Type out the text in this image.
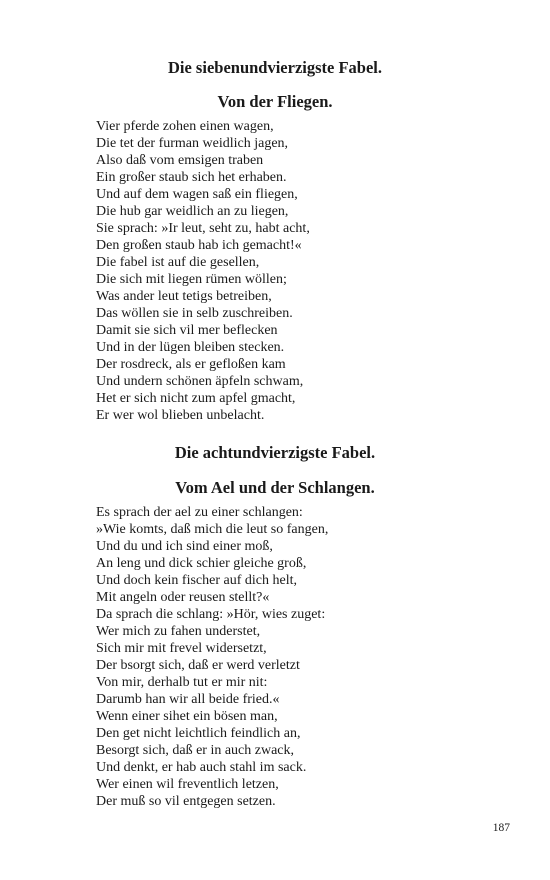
Die siebenundvierzigste Fabel.
Von der Fliegen.
Vier pferde zohen einen wagen,
Die tet der furman weidlich jagen,
Also daß vom emsigen traben
Ein großer staub sich het erhaben.
Und auf dem wagen saß ein fliegen,
Die hub gar weidlich an zu liegen,
Sie sprach: »Ir leut, seht zu, habt acht,
Den großen staub hab ich gemacht!«
Die fabel ist auf die gesellen,
Die sich mit liegen rümen wöllen;
Was ander leut tetigs betreiben,
Das wöllen sie in selb zuschreiben.
Damit sie sich vil mer beflecken
Und in der lügen bleiben stecken.
Der rosdreck, als er gefloßen kam
Und undern schönen äpfeln schwam,
Het er sich nicht zum apfel gmacht,
Er wer wol blieben unbelacht.
Die achtundvierzigste Fabel.
Vom Ael und der Schlangen.
Es sprach der ael zu einer schlangen:
»Wie komts, daß mich die leut so fangen,
Und du und ich sind einer moß,
An leng und dick schier gleiche groß,
Und doch kein fischer auf dich helt,
Mit angeln oder reusen stellt?«
Da sprach die schlang: »Hör, wies zuget:
Wer mich zu fahen understet,
Sich mir mit frevel widersetzt,
Der bsorgt sich, daß er werd verletzt
Von mir, derhalb tut er mir nit:
Darumb han wir all beide fried.«
Wenn einer sihet ein bösen man,
Den get nicht leichtlich feindlich an,
Besorgt sich, daß er in auch zwack,
Und denkt, er hab auch stahl im sack.
Wer einen wil freventlich letzen,
Der muß so vil entgegen setzen.
187
